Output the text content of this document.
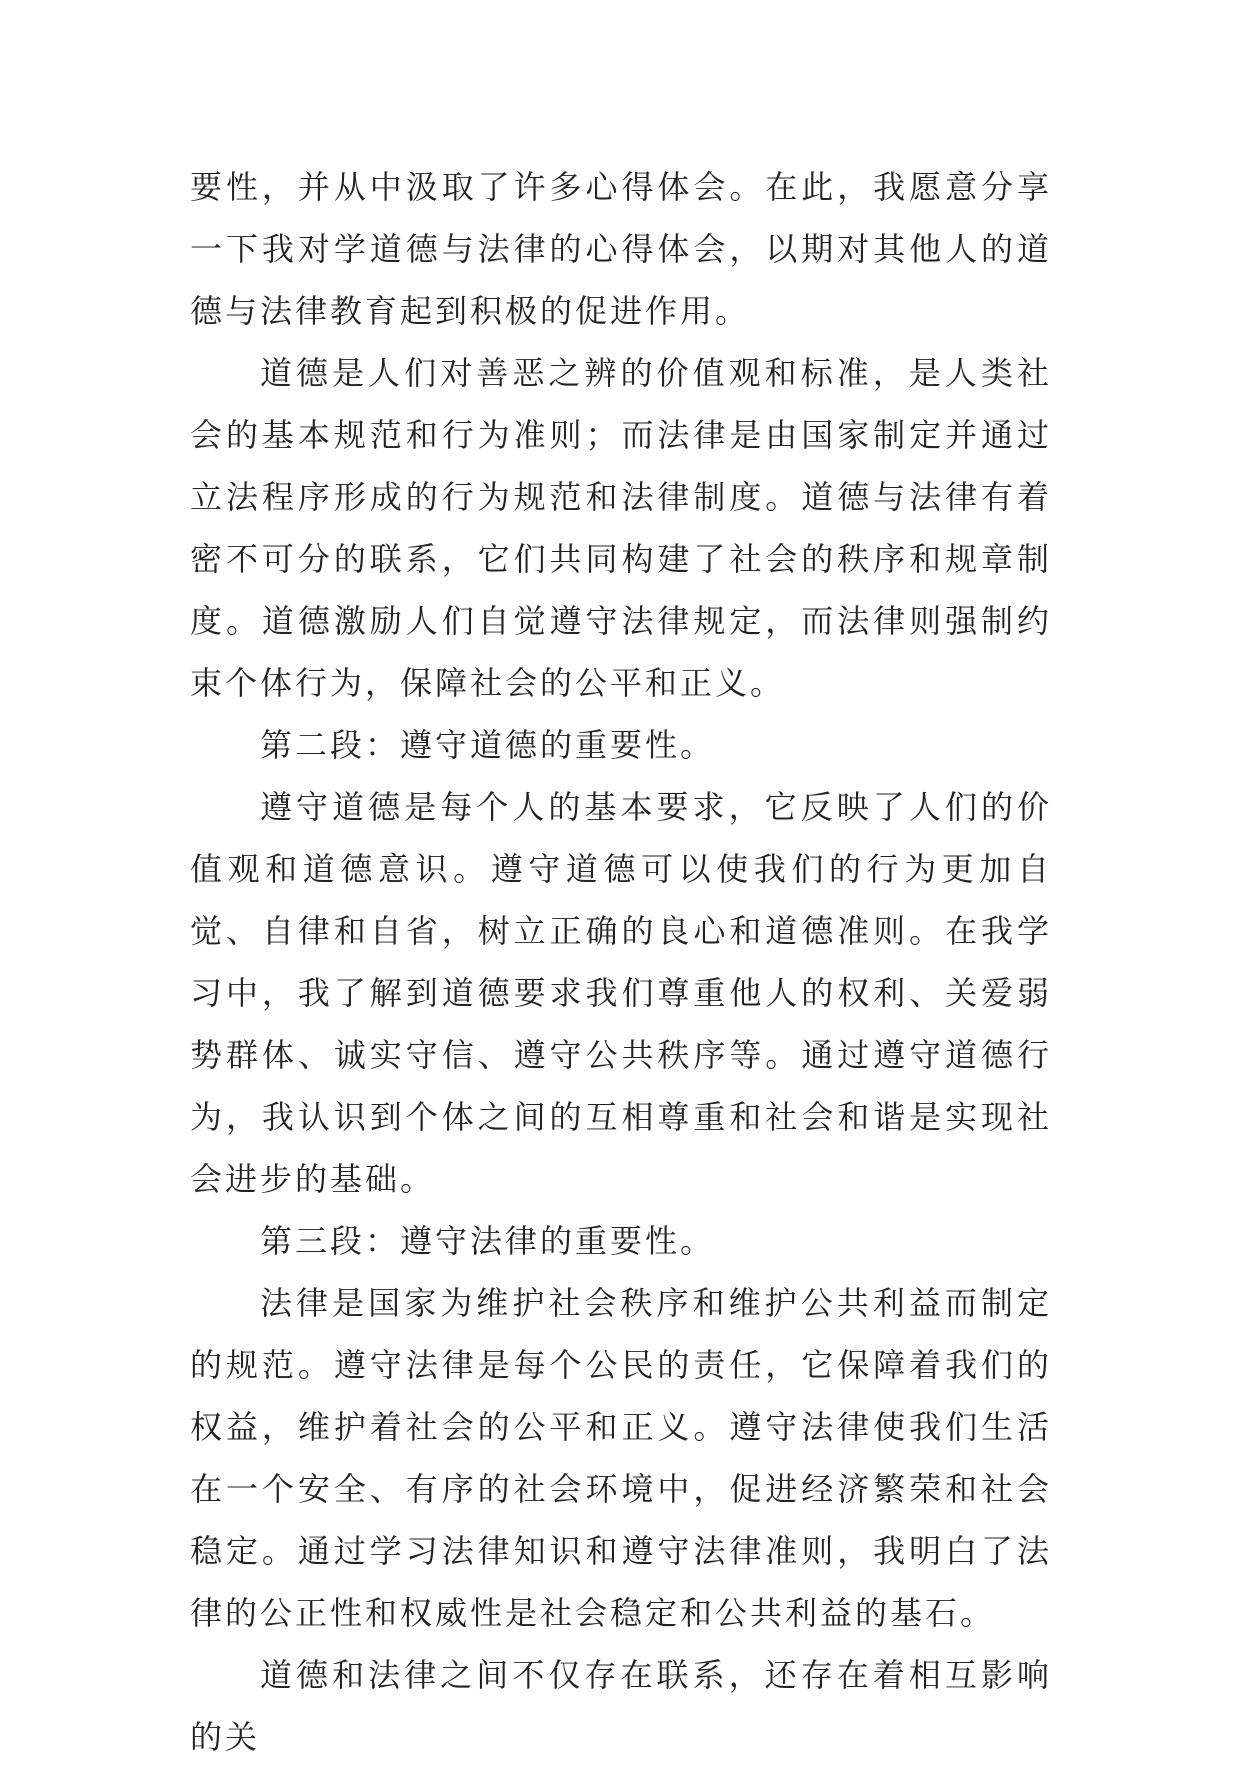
要性，并从中汲取了许多心得体会。在此，我愿意分享一下我对学道德与法律的心得体会，以期对其他人的道德与法律教育起到积极的促进作用。

道德是人们对善恶之辨的价值观和标准，是人类社会的基本规范和行为准则；而法律是由国家制定并通过立法程序形成的行为规范和法律制度。道德与法律有着密不可分的联系，它们共同构建了社会的秩序和规章制度。道德激励人们自觉遵守法律规定，而法律则强制约束个体行为，保障社会的公平和正义。

第二段：遵守道德的重要性。

遵守道德是每个人的基本要求，它反映了人们的价值观和道德意识。遵守道德可以使我们的行为更加自觉、自律和自省，树立正确的良心和道德准则。在我学习中，我了解到道德要求我们尊重他人的权利、关爱弱势群体、诚实守信、遵守公共秩序等。通过遵守道德行为，我认识到个体之间的互相尊重和社会和谐是实现社会进步的基础。

第三段：遵守法律的重要性。

法律是国家为维护社会秩序和维护公共利益而制定的规范。遵守法律是每个公民的责任，它保障着我们的权益，维护着社会的公平和正义。遵守法律使我们生活在一个安全、有序的社会环境中，促进经济繁荣和社会稳定。通过学习法律知识和遵守法律准则，我明白了法律的公正性和权威性是社会稳定和公共利益的基石。

道德和法律之间不仅存在联系，还存在着相互影响的关
